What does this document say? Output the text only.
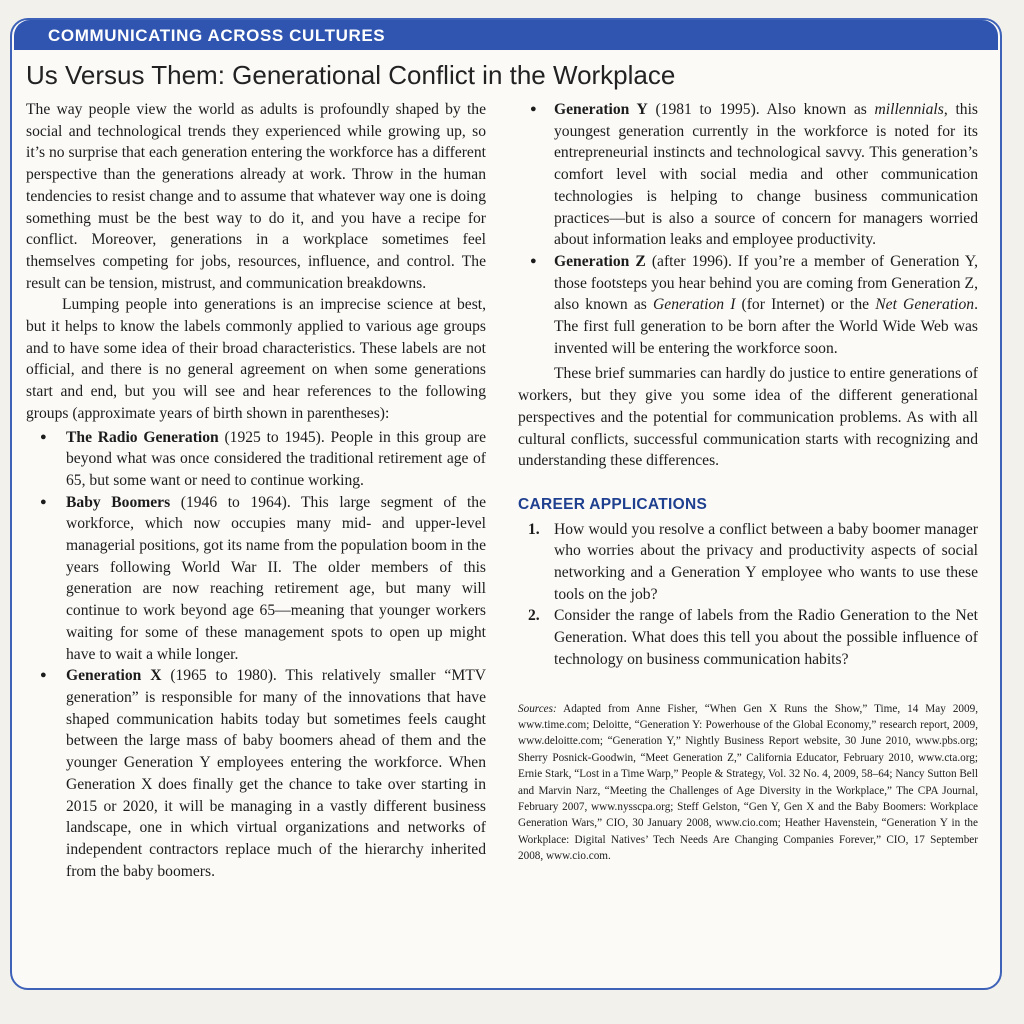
COMMUNICATING ACROSS CULTURES
Us Versus Them: Generational Conflict in the Workplace

The way people view the world as adults is profoundly shaped by the social and technological trends they experienced while growing up, so it’s no surprise that each generation entering the workforce has a different perspective than the generations already at work. Throw in the human tendencies to resist change and to assume that whatever way one is doing something must be the best way to do it, and you have a recipe for conflict. Moreover, generations in a workplace sometimes feel themselves competing for jobs, resources, influence, and control. The result can be tension, mistrust, and communication breakdowns.

Lumping people into generations is an imprecise science at best, but it helps to know the labels commonly applied to various age groups and to have some idea of their broad characteristics. These labels are not official, and there is no general agreement on when some generations start and end, but you will see and hear references to the following groups (approximate years of birth shown in parentheses):

● The Radio Generation (1925 to 1945). People in this group are beyond what was once considered the traditional retirement age of 65, but some want or need to continue working.
● Baby Boomers (1946 to 1964). This large segment of the workforce, which now occupies many mid- and upper-level managerial positions, got its name from the population boom in the years following World War II. The older members of this generation are now reaching retirement age, but many will continue to work beyond age 65—meaning that younger workers waiting for some of these management spots to open up might have to wait a while longer.
● Generation X (1965 to 1980). This relatively smaller “MTV generation” is responsible for many of the innovations that have shaped communication habits today but sometimes feels caught between the large mass of baby boomers ahead of them and the younger Generation Y employees entering the workforce. When Generation X does finally get the chance to take over starting in 2015 or 2020, it will be managing in a vastly different business landscape, one in which virtual organizations and networks of independent contractors replace much of the hierarchy inherited from the baby boomers.
● Generation Y (1981 to 1995). Also known as millennials, this youngest generation currently in the workforce is noted for its entrepreneurial instincts and technological savvy. This generation’s comfort level with social media and other communication technologies is helping to change business communication practices—but is also a source of concern for managers worried about information leaks and employee productivity.
● Generation Z (after 1996). If you’re a member of Generation Y, those footsteps you hear behind you are coming from Generation Z, also known as Generation I (for Internet) or the Net Generation. The first full generation to be born after the World Wide Web was invented will be entering the workforce soon.

These brief summaries can hardly do justice to entire generations of workers, but they give you some idea of the different generational perspectives and the potential for communication problems. As with all cultural conflicts, successful communication starts with recognizing and understanding these differences.

CAREER APPLICATIONS
1. How would you resolve a conflict between a baby boomer manager who worries about the privacy and productivity aspects of social networking and a Generation Y employee who wants to use these tools on the job?
2. Consider the range of labels from the Radio Generation to the Net Generation. What does this tell you about the possible influence of technology on business communication habits?

Sources: Adapted from Anne Fisher, “When Gen X Runs the Show,” Time, 14 May 2009, www.time.com; Deloitte, “Generation Y: Powerhouse of the Global Economy,” research report, 2009, www.deloitte.com; “Generation Y,” Nightly Business Report website, 30 June 2010, www.pbs.org; Sherry Posnick-Goodwin, “Meet Generation Z,” California Educator, February 2010, www.cta.org; Ernie Stark, “Lost in a Time Warp,” People & Strategy, Vol. 32 No. 4, 2009, 58–64; Nancy Sutton Bell and Marvin Narz, “Meeting the Challenges of Age Diversity in the Workplace,” The CPA Journal, February 2007, www.nysscpa.org; Steff Gelston, “Gen Y, Gen X and the Baby Boomers: Workplace Generation Wars,” CIO, 30 January 2008, www.cio.com; Heather Havenstein, “Generation Y in the Workplace: Digital Natives’ Tech Needs Are Changing Companies Forever,” CIO, 17 September 2008, www.cio.com.
